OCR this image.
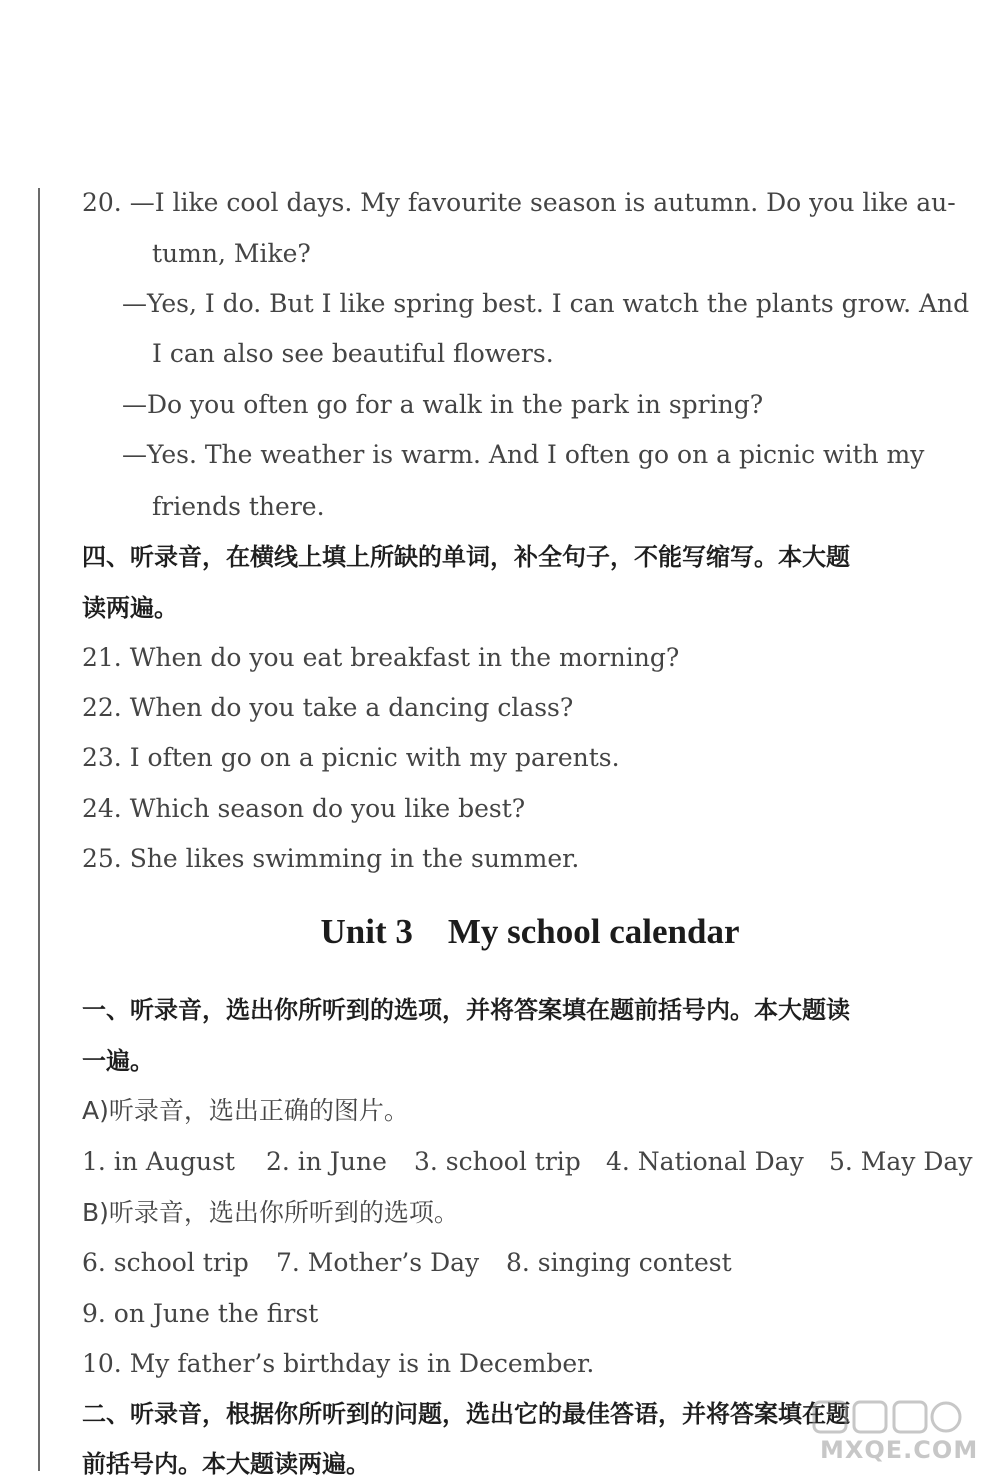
20. —I like cool days. My favourite season is autumn. Do you like au-
tumn, Mike?
—Yes, I do. But I like spring best. I can watch the plants grow. And
I can also see beautiful flowers.
—Do you often go for a walk in the park in spring?
—Yes. The weather is warm. And I often go on a picnic with my
friends there.
四、听录音，在横线上填上所缺的单词，补全句子，不能写缩写。本大题
读两遍。
21. When do you eat breakfast in the morning?
22. When do you take a dancing class?
23. I often go on a picnic with my parents.
24. Which season do you like best?
25. She likes swimming in the summer.
Unit 3    My school calendar
一、听录音，选出你所听到的选项，并将答案填在题前括号内。本大题读
一遍。
A)听录音，选出正确的图片。
1. in August 2. in June 3. school trip 4. National Day 5. May Day
B)听录音，选出你所听到的选项。
6. school trip 7. Mother’s Day 8. singing contest
9. on June the first
10. My father’s birthday is in December.
二、听录音，根据你所听到的问题，选出它的最佳答语，并将答案填在题
前括号内。本大题读两遍。	MXQE.COM
